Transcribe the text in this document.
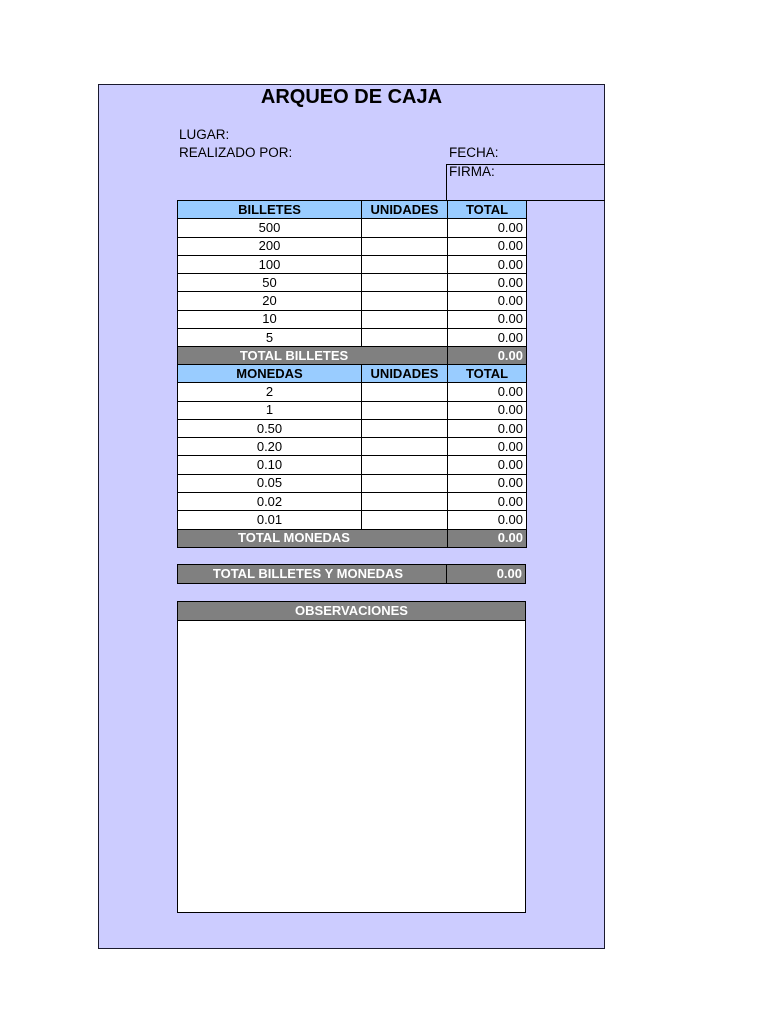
ARQUEO DE CAJA
LUGAR:
REALIZADO POR:	FECHA:
FIRMA:
BILLETES	UNIDADES	TOTAL
500		0.00
200		0.00
100		0.00
50		0.00
20		0.00
10		0.00
5		0.00
TOTAL BILLETES		0.00
MONEDAS	UNIDADES	TOTAL
2		0.00
1		0.00
0.50		0.00
0.20		0.00
0.10		0.00
0.05		0.00
0.02		0.00
0.01		0.00
TOTAL MONEDAS		0.00
TOTAL BILLETES Y MONEDAS	0.00
OBSERVACIONES
